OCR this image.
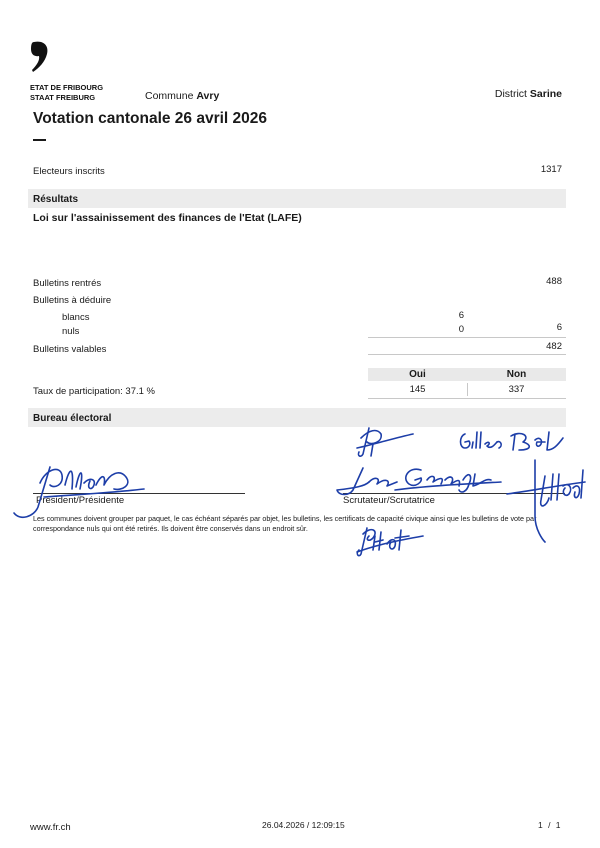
ETAT DE FRIBOURG
STAAT FREIBURG	Commune Avry	District Sarine
Votation cantonale 26 avril 2026
Electeurs inscrits	1317
Résultats
Loi sur l'assainissement des finances de l'Etat (LAFE)
Bulletins rentrés	488
Bulletins à déduire
blancs	6
nuls	0	6
Bulletins valables	482
Oui	Non
Taux de participation: 37.1 %	145	337
Bureau électoral
Président/Présidente	Scrutateur/Scrutatrice
Les communes doivent grouper par paquet, le cas échéant séparés par objet, les bulletins, les certificats de capacité civique ainsi que les bulletins de vote par correspondance nuls qui ont été retirés. Ils doivent être conservés dans un endroit sûr.
www.fr.ch	26.04.2026 / 12:09:15	1 / 1
